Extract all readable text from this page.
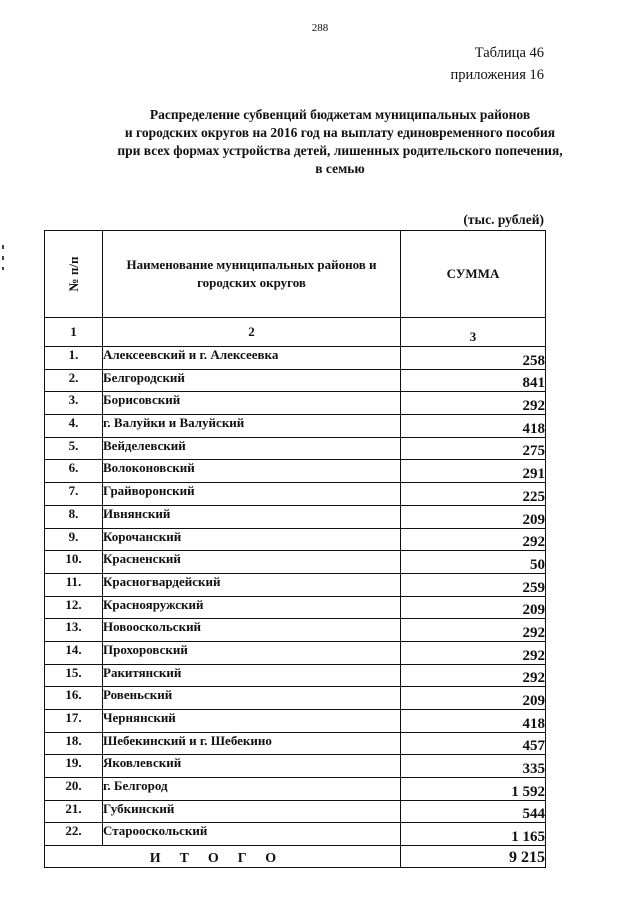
288
Таблица 46
приложения 16
Распределение субвенций бюджетам муниципальных районов
и городских округов на 2016 год на выплату единовременного пособия
при всех формах устройства детей, лишенных родительского попечения,
в семью
(тыс. рублей)
№ п/п	Наименование муниципальных районов и городских округов	СУММА
1	2	3
1.	Алексеевский и г. Алексеевка	258
2.	Белгородский	841
3.	Борисовский	292
4.	г. Валуйки и Валуйский	418
5.	Вейделевский	275
6.	Волоконовский	291
7.	Грайворонский	225
8.	Ивнянский	209
9.	Корочанский	292
10.	Красненский	50
11.	Красногвардейский	259
12.	Краснояружский	209
13.	Новооскольский	292
14.	Прохоровский	292
15.	Ракитянский	292
16.	Ровеньский	209
17.	Чернянский	418
18.	Шебекинский и г. Шебекино	457
19.	Яковлевский	335
20.	г. Белгород	1 592
21.	Губкинский	544
22.	Старооскольский	1 165
ИТОГО		9 215
